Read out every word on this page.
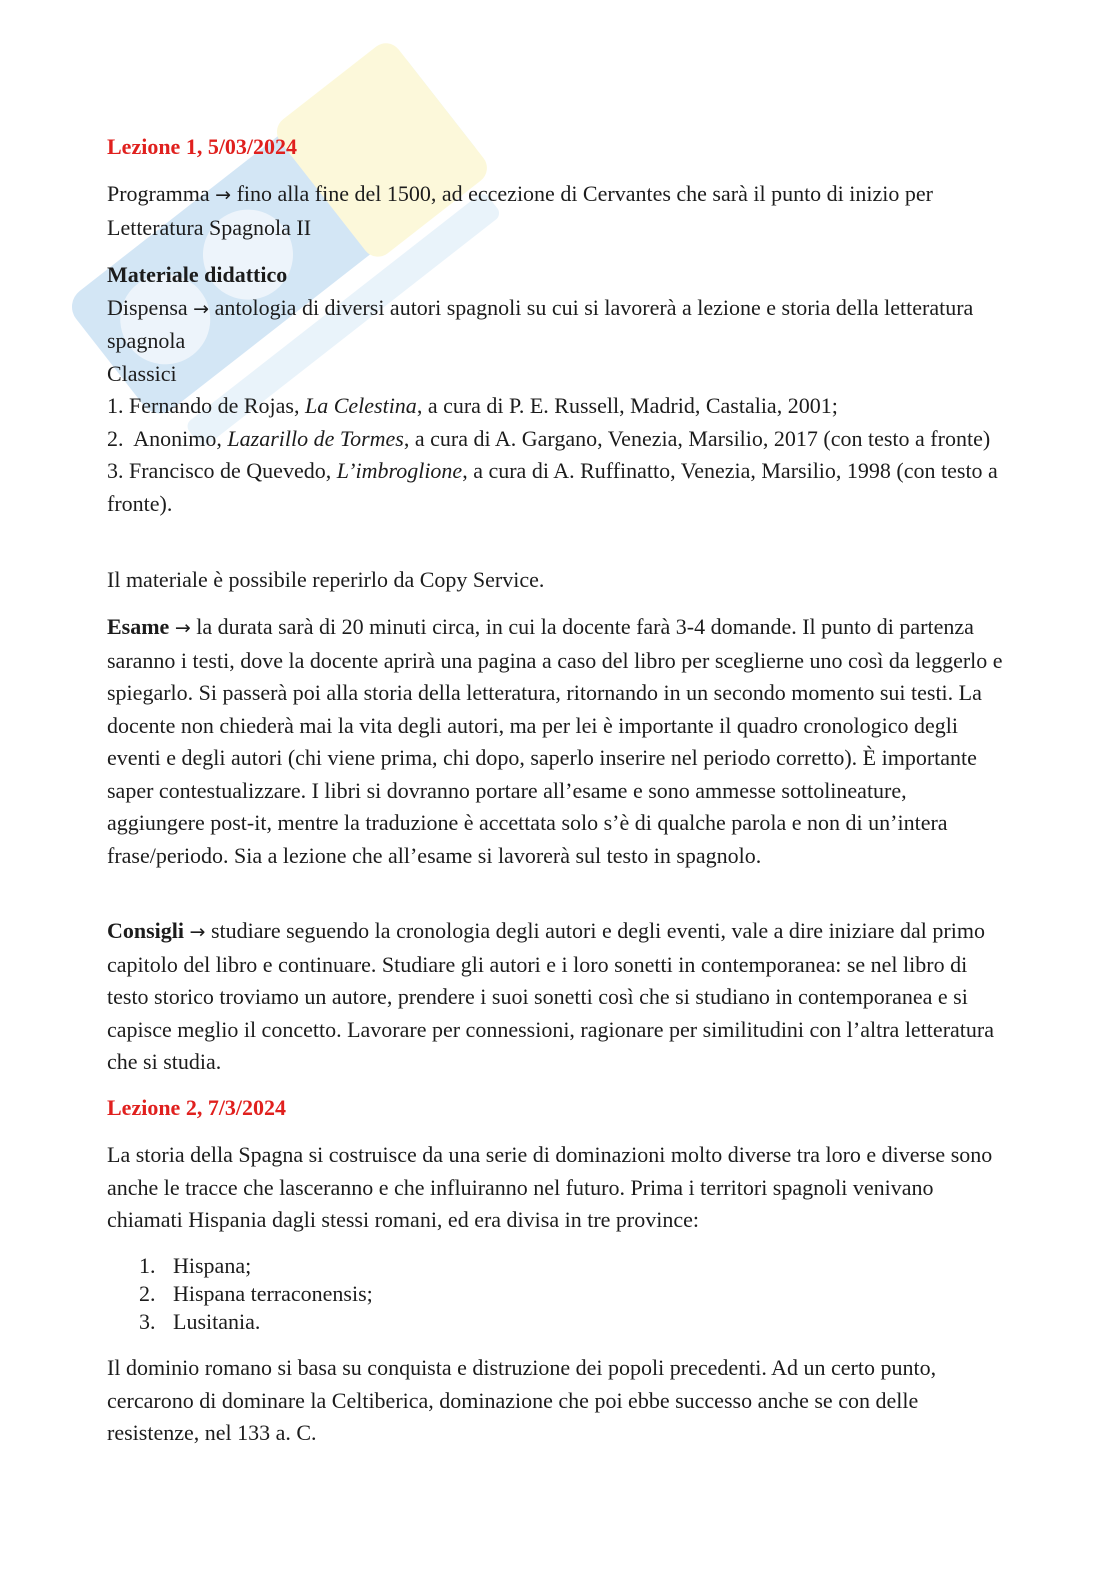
Lezione 1, 5/03/2024

Programma → fino alla fine del 1500, ad eccezione di Cervantes che sarà il punto di inizio per Letteratura Spagnola II

Materiale didattico
Dispensa → antologia di diversi autori spagnoli su cui si lavorerà a lezione e storia della letteratura spagnola
Classici
1. Fernando de Rojas, La Celestina, a cura di P. E. Russell, Madrid, Castalia, 2001;
2. Anonimo, Lazarillo de Tormes, a cura di A. Gargano, Venezia, Marsilio, 2017 (con testo a fronte)
3. Francisco de Quevedo, L’imbroglione, a cura di A. Ruffinatto, Venezia, Marsilio, 1998 (con testo a fronte).

Il materiale è possibile reperirlo da Copy Service.

Esame → la durata sarà di 20 minuti circa, in cui la docente farà 3-4 domande. Il punto di partenza saranno i testi, dove la docente aprirà una pagina a caso del libro per sceglierne uno così da leggerlo e spiegarlo. Si passerà poi alla storia della letteratura, ritornando in un secondo momento sui testi. La docente non chiederà mai la vita degli autori, ma per lei è importante il quadro cronologico degli eventi e degli autori (chi viene prima, chi dopo, saperlo inserire nel periodo corretto). È importante saper contestualizzare. I libri si dovranno portare all’esame e sono ammesse sottolineature, aggiungere post-it, mentre la traduzione è accettata solo s’è di qualche parola e non di un’intera frase/periodo. Sia a lezione che all’esame si lavorerà sul testo in spagnolo.

Consigli → studiare seguendo la cronologia degli autori e degli eventi, vale a dire iniziare dal primo capitolo del libro e continuare. Studiare gli autori e i loro sonetti in contemporanea: se nel libro di testo storico troviamo un autore, prendere i suoi sonetti così che si studiano in contemporanea e si capisce meglio il concetto. Lavorare per connessioni, ragionare per similitudini con l’altra letteratura che si studia.

Lezione 2, 7/3/2024

La storia della Spagna si costruisce da una serie di dominazioni molto diverse tra loro e diverse sono anche le tracce che lasceranno e che influiranno nel futuro. Prima i territori spagnoli venivano chiamati Hispania dagli stessi romani, ed era divisa in tre province:

1. Hispana;
2. Hispana terraconensis;
3. Lusitania.

Il dominio romano si basa su conquista e distruzione dei popoli precedenti. Ad un certo punto, cercarono di dominare la Celtiberica, dominazione che poi ebbe successo anche se con delle resistenze, nel 133 a. C.
